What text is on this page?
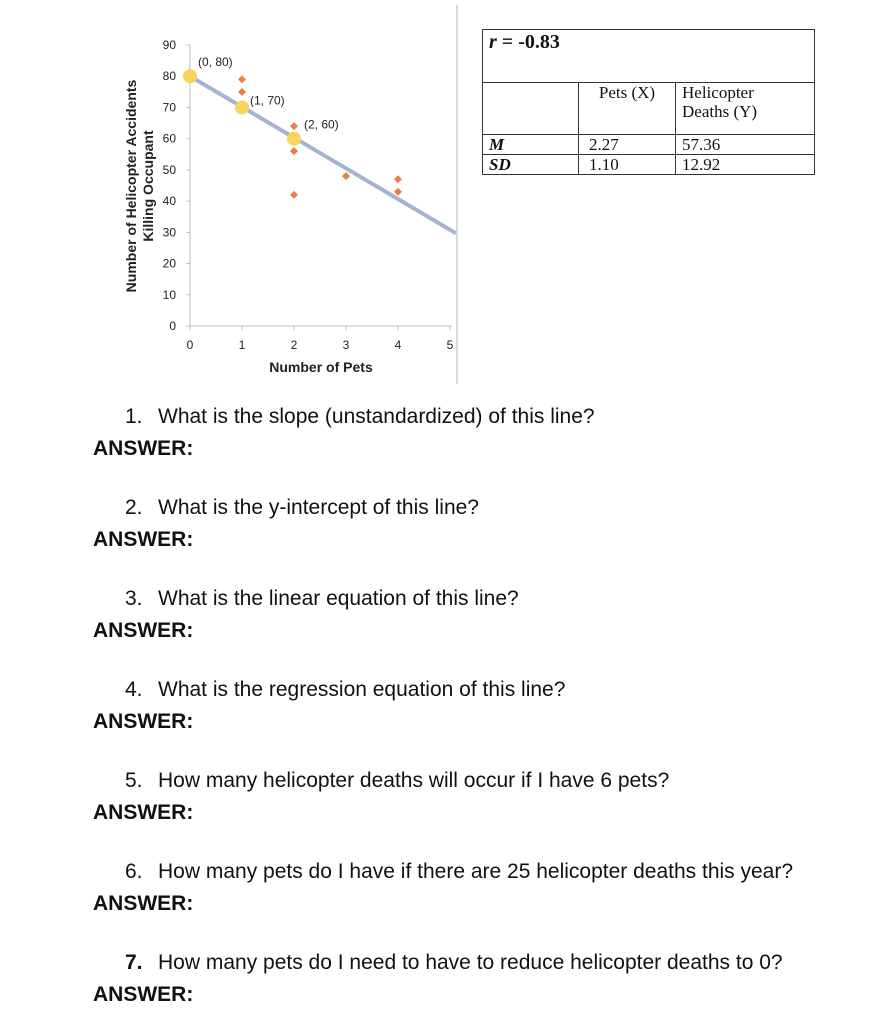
0
10
20
30
40
50
60
70
80
90
0	1	2	3	4	5
(0, 80)
(1, 70)
(2, 60)
Number of Pets
Number of Helicopter Accidents Killing Occupant
r = -0.83		
	Pets (X)	Helicopter
Deaths (Y)
M	2.27	57.36
SD	1.10	12.92
1. What is the slope (unstandardized) of this line?
ANSWER:
2. What is the y-intercept of this line?
ANSWER:
3. What is the linear equation of this line?
ANSWER:
4. What is the regression equation of this line?
ANSWER:
5. How many helicopter deaths will occur if I have 6 pets?
ANSWER:
6. How many pets do I have if there are 25 helicopter deaths this year?
ANSWER:
7. How many pets do I need to have to reduce helicopter deaths to 0?
ANSWER:
